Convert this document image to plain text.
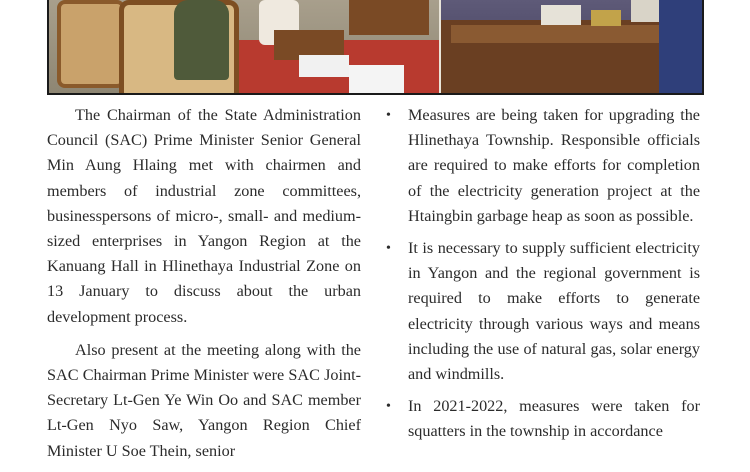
The Chairman of the State Administration Council (SAC) Prime Minister Senior General Min Aung Hlaing met with chairmen and members of industrial zone committees, businesspersons of micro-, small- and medium-sized enterprises in Yangon Region at the Kanuang Hall in Hlinethaya Industrial Zone on 13 January to discuss about the urban development process.

Also present at the meeting along with the SAC Chairman Prime Minister were SAC Joint-Secretary Lt-Gen Ye Win Oo and SAC member Lt-Gen Nyo Saw, Yangon Region Chief Minister U Soe Thein, senior

• Measures are being taken for upgrading the Hlinethaya Township. Responsible officials are required to make efforts for completion of the electricity generation project at the Htaingbin garbage heap as soon as possible.
• It is necessary to supply sufficient electricity in Yangon and the regional government is required to make efforts to generate electricity through various ways and means including the use of natural gas, solar energy and windmills.
• In 2021-2022, measures were taken for squatters in the township in accordance
